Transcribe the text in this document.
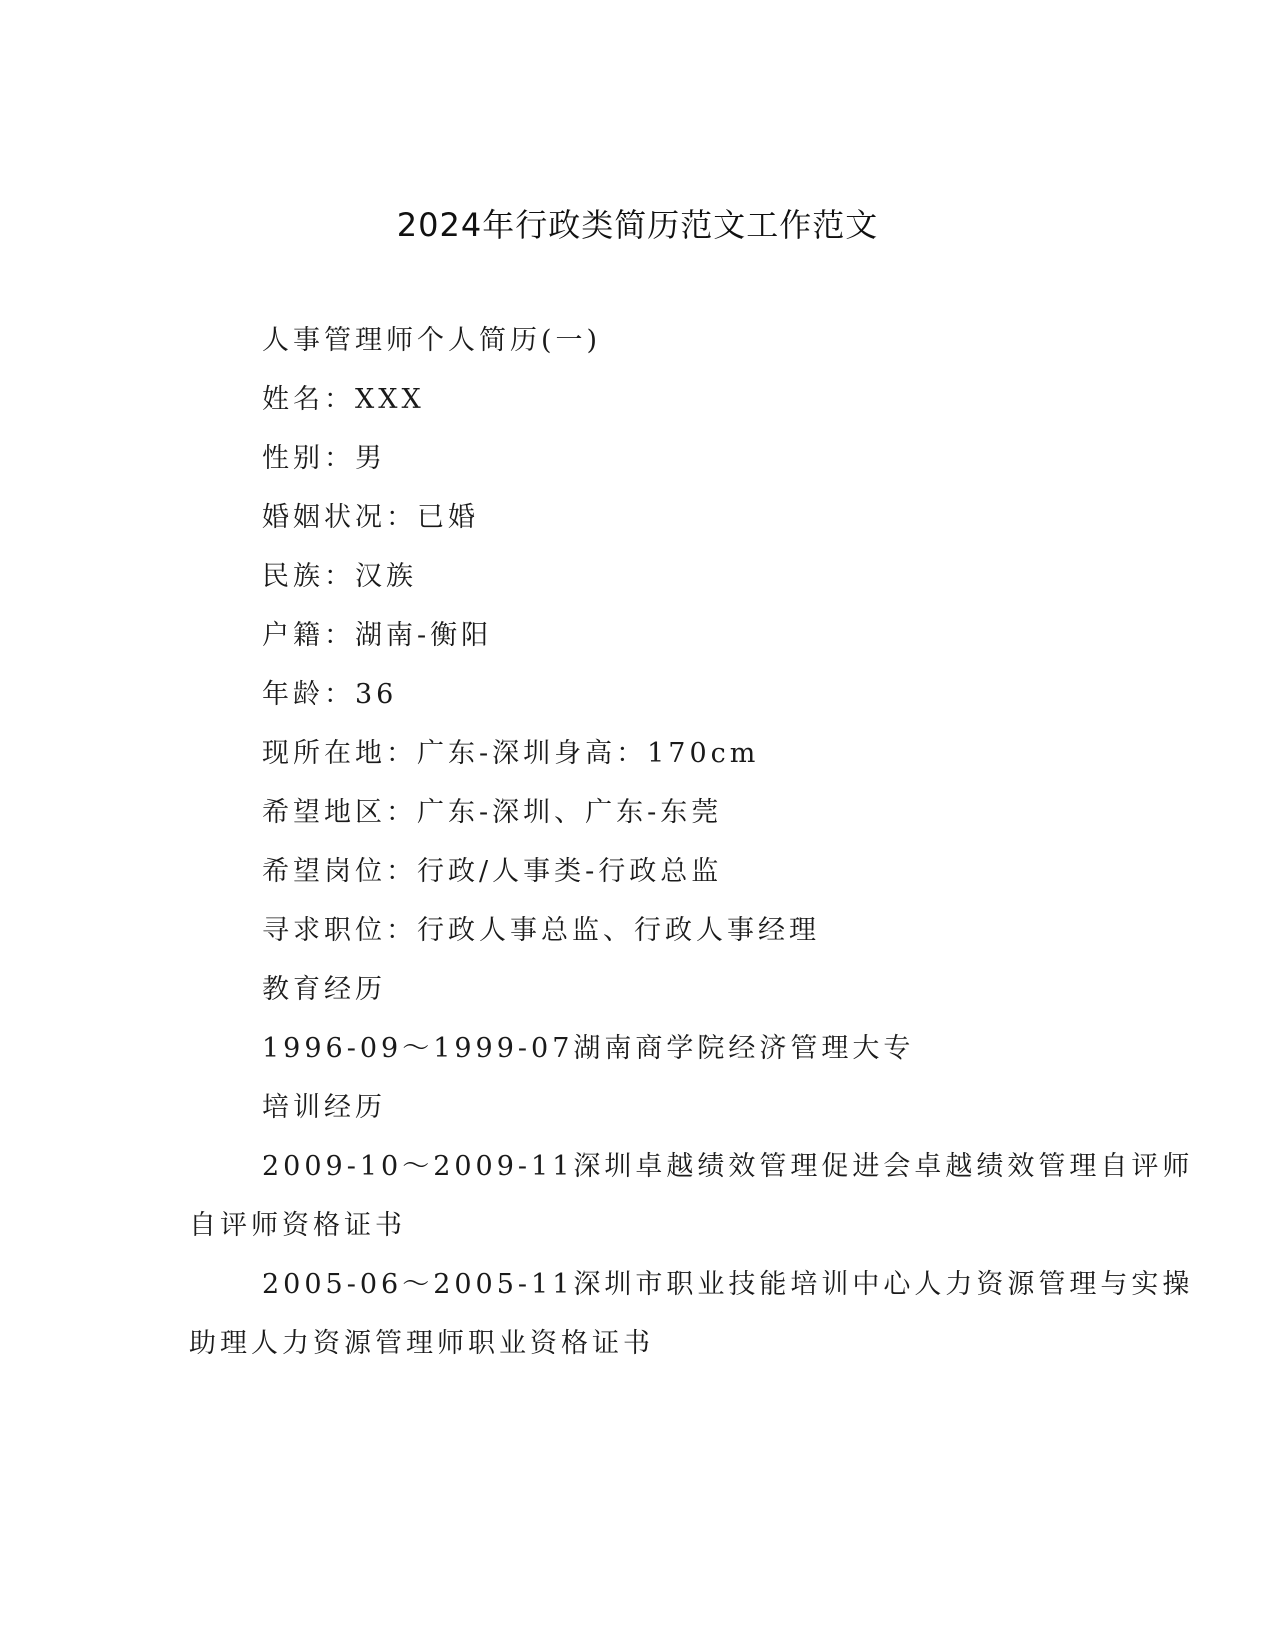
2024年行政类简历范文工作范文
人事管理师个人简历(一)
姓名：XXX
性别：男
婚姻状况：已婚
民族：汉族
户籍：湖南-衡阳
年龄：36
现所在地：广东-深圳身高：170cm
希望地区：广东-深圳、广东-东莞
希望岗位：行政/人事类-行政总监
寻求职位：行政人事总监、行政人事经理
教育经历
1996-09～1999-07湖南商学院经济管理大专
培训经历
2009-10～2009-11深圳卓越绩效管理促进会卓越绩效管理自评师
自评师资格证书
2005-06～2005-11深圳市职业技能培训中心人力资源管理与实操
助理人力资源管理师职业资格证书
